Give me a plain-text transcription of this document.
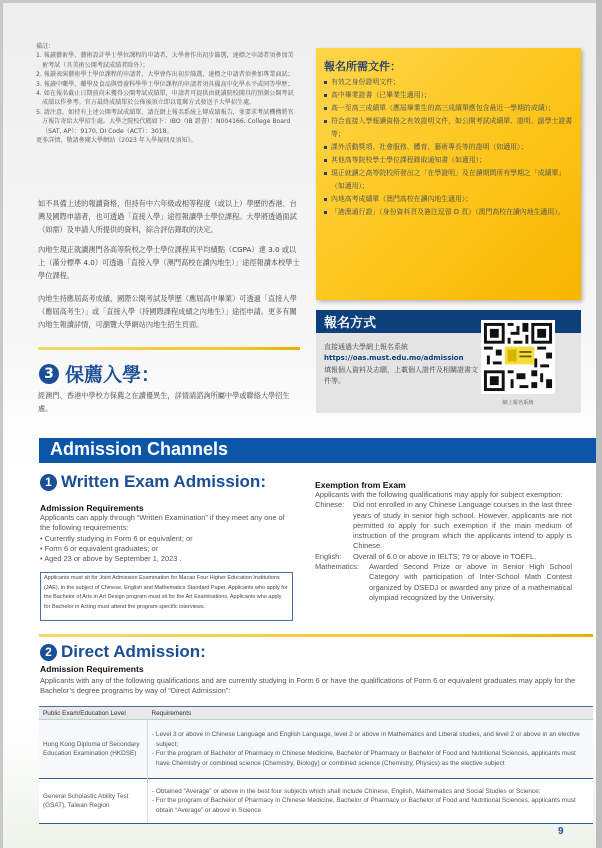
備註：
1. 報讀藝術學、藝術設計學士學位課程的申請者，大學會作出初步篩選，達標之申請者須參加美術考試（具美術公開考試成績者除外）；
2. 報讀表演藝術學士學位課程的申請者，大學會作出初步篩選，達標之申請者須參加專業面試；
3. 報讀中藥學、藥學及食品與營養科學學士學位課程的申請者須具備高中化學水平或同等學歷；
4. 如在報名截止日期前尚未獲得公開考試成績單，申請者可提供由就讀院校開具的預測公開考試成績以作參考。官方最終成績單於公佈後須立即以電郵方式發送予大學招生處。
5. 請注意，如持有上述公開考試成績單，請在網上報名系統上傳成績報告，並要求考試機構將官方報告寄給大學招生處。大學之院校代碼如下：IBO（IB 證書）：N004166, College Board（SAT, AP）：9170, DI Code（ACT）：3018。
更多詳情，敬請參閱大學網站《2023 年入學規則及須知》。
如不具備上述的報讀資格，但持有中六年級或相等程度（或以上）學歷的香港、台灣及國際申請者，也可透過「直接入學」途徑報讀學士學位課程。大學將透過面試（如需）及申請人所提供的資料，綜合評估錄取的決定。
內地生現正就讀澳門各高等院校之學士學位課程其平均績點（CGPA）達 3.0 或以上（滿分標準 4.0）可透過「直接入學（澳門高校在讀內地生）」途徑報讀本校學士學位課程。
內地生持應屆高考成績、國際公開考試及學歷（應屆高中畢業）可透過「直接入學（應屆高考生）」或「直接入學（持國際課程成績之內地生）」途徑申請。更多有關內地生報讀詳情，可瀏覽大學網站內地生招生頁面。
3 保薦入學：
經澳門、香港中學校方保薦之在讀優異生，詳情請諮詢所屬中學或聯絡大學招生處。
報名所需文件：
有效之身份證明文件；
高中畢業證書（已畢業生適用）；
高一至高三成績單（應屆畢業生的高三成績單應包含最近一學期的成績）；
符合直接入學報讀資格之有效證明文件，如公開考試成績單、證明、副學士證書等；
課外活動獎項、社會服務、體育、藝術專長等的證明（如適用）；
其他高等院校學士學位課程錄取通知書（如適用）；
現正就讀之高等院校所發出之「在學證明」及在讀期間所有學期之「成績單」（如適用）；
內地高考成績單（澳門高校在讀內地生適用）；
「港澳通行證」（身份資料頁及簽注逗留 D 頁）（澳門高校在讀內地生適用）。
報名方式
直接通過大學網上報名系統
https://oas.must.edu.mo/admission
填報個人資料及志願，上載個人證件及相關證書文件等。
網上報名系統
Admission Channels
1 Written Exam Admission:
Admission Requirements
Applicants can apply through “Written Examination” if they meet any one of the following requirements:
• Currently studying in Form 6 or equivalent; or
• Form 6 or equivalent graduates; or
• Aged 23 or above by September 1, 2023 .
Applicants must sit for Joint Admission Examination for Macao Four Higher Education Institutions (JAE), in the subject of Chinese, English and Mathematics Standard Paper. Applicants who apply for the Bachelor of Arts in Art Design program must sit for the Art Examinations. Applicants who apply for Bachelor in Acting must attend the program-specific interviews.
Exemption from Exam
Applicants with the following qualifications may apply for subject exemption:
Chinese:	Did not enrolled in any Chinese Language courses in the last three years of study in senior high school. However, applicants are not permitted to apply for such exemption if the main medium of instruction of the program which the applicants intend to apply is Chinese.
English:	Overall of 6.0 or above in IELTS; 79 or above in TOEFL.
Mathematics:	Awarded Second Prize or above in Senior High School Category with participation of Inter-School Math Contest organized by DSEDJ or awarded any prize of a mathematical olympiad recognized by the University.
2 Direct Admission:
Admission Requirements
Applicants with any of the following qualifications and are currently studying in Form 6 or have the qualifications of Form 6 or equivalent graduates may apply for the Bachelor’s degree programs by way of “Direct Admission”:
Public Exam/Education Level	Requirements
Hong Kong Diploma of Secondary Education Examination (HKDSE)	- Level 3 or above in Chinese Language and English Language, level 2 or above in Mathematics and Liberal studies, and level 2 or above in an elective subject;
- For the program of Bachelor of Pharmacy in Chinese Medicine, Bachelor of Pharmacy or Bachelor of Food and Nutritional Sciences, applicants must have Chemistry or combined science (Chemistry, Biology) or combined science (Chemistry, Physics) as the elective subject

General Scholastic Ability Test (GSAT), Taiwan Region	- Obtained “Average” or above in the best four subjects which shall include Chinese, English, Mathematics and Social Studies or Science;
- For the program of Bachelor of Pharmacy in Chinese Medicine, Bachelor of Pharmacy or Bachelor of Food and Nutritional Sciences, applicants must obtain “Average” or above in Science
9
